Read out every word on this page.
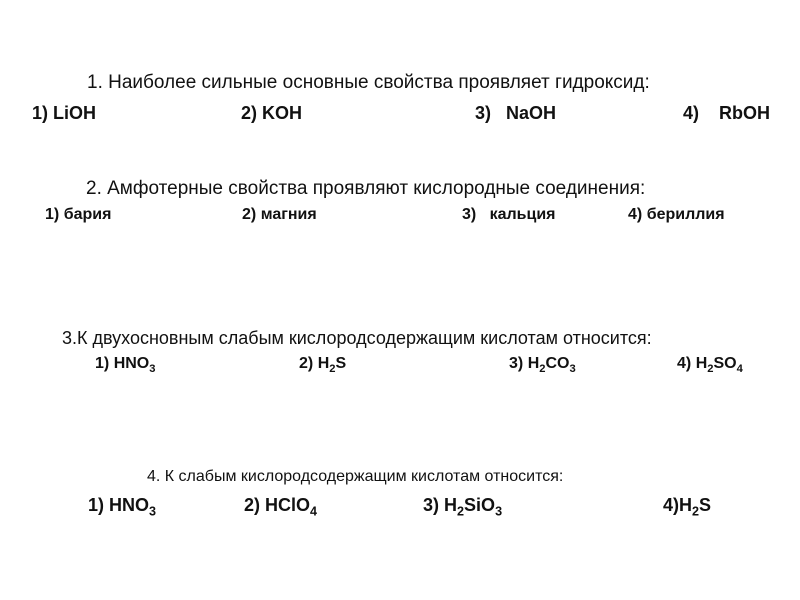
1. Наиболее сильные основные свойства проявляет гидроксид:
1) LiOH	2) KOH	3) NaOH	4) RbOH
2. Амфотерные свойства проявляют кислородные соединения:
1) бария	2) магния	3) кальция	4) бериллия
3.К двухосновным слабым кислородсодержащим кислотам относится:
1) $HNO_3$	2) $H_2S$	3) $H_2CO_3$	4) $H_2SO_4$
4. К слабым кислородсодержащим кислотам относится:
1) $HNO_3$	2) HClO$_4$	3) $H_2SiO_3$	$4)H_2S$
